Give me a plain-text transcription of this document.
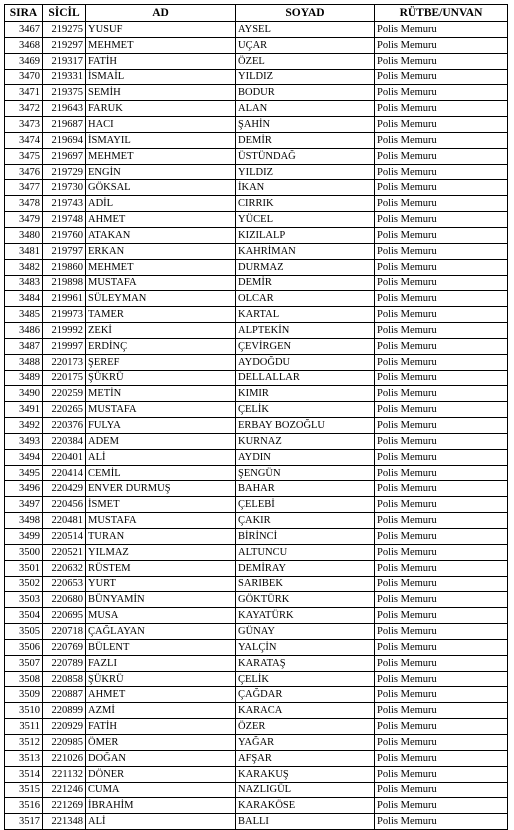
SIRA	SİCİL	AD	SOYAD	RÜTBE/UNVAN
3467	219275	YUSUF	AYSEL	Polis Memuru
3468	219297	MEHMET	UÇAR	Polis Memuru
3469	219317	FATİH	ÖZEL	Polis Memuru
3470	219331	İSMAİL	YILDIZ	Polis Memuru
3471	219375	SEMİH	BODUR	Polis Memuru
3472	219643	FARUK	ALAN	Polis Memuru
3473	219687	HACI	ŞAHİN	Polis Memuru
3474	219694	İSMAYIL	DEMİR	Polis Memuru
3475	219697	MEHMET	ÜSTÜNDAĞ	Polis Memuru
3476	219729	ENGİN	YILDIZ	Polis Memuru
3477	219730	GÖKSAL	İKAN	Polis Memuru
3478	219743	ADİL	CIRRIK	Polis Memuru
3479	219748	AHMET	YÜCEL	Polis Memuru
3480	219760	ATAKAN	KIZILALP	Polis Memuru
3481	219797	ERKAN	KAHRİMAN	Polis Memuru
3482	219860	MEHMET	DURMAZ	Polis Memuru
3483	219898	MUSTAFA	DEMİR	Polis Memuru
3484	219961	SÜLEYMAN	OLCAR	Polis Memuru
3485	219973	TAMER	KARTAL	Polis Memuru
3486	219992	ZEKİ	ALPTEKİN	Polis Memuru
3487	219997	ERDİNÇ	ÇEVİRGEN	Polis Memuru
3488	220173	ŞEREF	AYDOĞDU	Polis Memuru
3489	220175	ŞÜKRÜ	DELLALLAR	Polis Memuru
3490	220259	METİN	KIMIR	Polis Memuru
3491	220265	MUSTAFA	ÇELİK	Polis Memuru
3492	220376	FULYA	ERBAY BOZOĞLU	Polis Memuru
3493	220384	ADEM	KURNAZ	Polis Memuru
3494	220401	ALİ	AYDIN	Polis Memuru
3495	220414	CEMİL	ŞENGÜN	Polis Memuru
3496	220429	ENVER DURMUŞ	BAHAR	Polis Memuru
3497	220456	İSMET	ÇELEBİ	Polis Memuru
3498	220481	MUSTAFA	ÇAKIR	Polis Memuru
3499	220514	TURAN	BİRİNCİ	Polis Memuru
3500	220521	YILMAZ	ALTUNCU	Polis Memuru
3501	220632	RÜSTEM	DEMİRAY	Polis Memuru
3502	220653	YURT	SARIBEK	Polis Memuru
3503	220680	BÜNYAMİN	GÖKTÜRK	Polis Memuru
3504	220695	MUSA	KAYATÜRK	Polis Memuru
3505	220718	ÇAĞLAYAN	GÜNAY	Polis Memuru
3506	220769	BÜLENT	YALÇİN	Polis Memuru
3507	220789	FAZLI	KARATAŞ	Polis Memuru
3508	220858	ŞÜKRÜ	ÇELİK	Polis Memuru
3509	220887	AHMET	ÇAĞDAR	Polis Memuru
3510	220899	AZMİ	KARACA	Polis Memuru
3511	220929	FATİH	ÖZER	Polis Memuru
3512	220985	ÖMER	YAĞAR	Polis Memuru
3513	221026	DOĞAN	AFŞAR	Polis Memuru
3514	221132	DÖNER	KARAKUŞ	Polis Memuru
3515	221246	CUMA	NAZLIGÜL	Polis Memuru
3516	221269	İBRAHİM	KARAKÖSE	Polis Memuru
3517	221348	ALİ	BALLI	Polis Memuru
